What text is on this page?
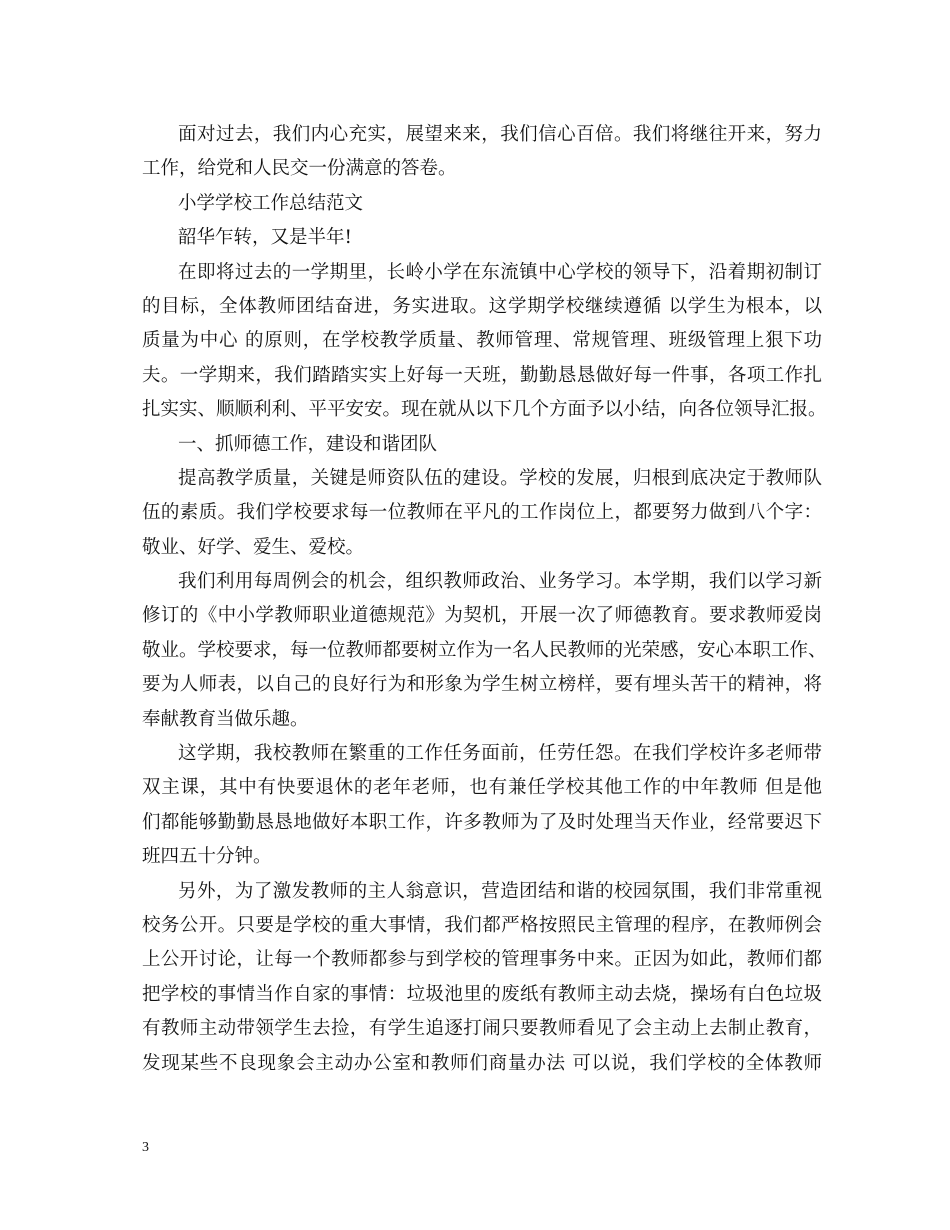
面对过去，我们内心充实，展望来来，我们信心百倍。我们将继往开来，努力
工作，给党和人民交一份满意的答卷。
小学学校工作总结范文
韶华乍转，又是半年!
在即将过去的一学期里，长岭小学在东流镇中心学校的领导下，沿着期初制订
的目标，全体教师团结奋进，务实进取。这学期学校继续遵循 以学生为根本，以
质量为中心 的原则，在学校教学质量、教师管理、常规管理、班级管理上狠下功
夫。一学期来，我们踏踏实实上好每一天班，勤勤恳恳做好每一件事，各项工作扎
扎实实、顺顺利利、平平安安。现在就从以下几个方面予以小结，向各位领导汇报。
一、抓师德工作，建设和谐团队
提高教学质量，关键是师资队伍的建设。学校的发展，归根到底决定于教师队
伍的素质。我们学校要求每一位教师在平凡的工作岗位上，都要努力做到八个字：
敬业、好学、爱生、爱校。
我们利用每周例会的机会，组织教师政治、业务学习。本学期，我们以学习新
修订的《中小学教师职业道德规范》为契机，开展一次了师德教育。要求教师爱岗
敬业。学校要求，每一位教师都要树立作为一名人民教师的光荣感，安心本职工作、
要为人师表，以自己的良好行为和形象为学生树立榜样，要有埋头苦干的精神，将
奉献教育当做乐趣。
这学期，我校教师在繁重的工作任务面前，任劳任怨。在我们学校许多老师带
双主课，其中有快要退休的老年老师，也有兼任学校其他工作的中年教师 但是他
们都能够勤勤恳恳地做好本职工作，许多教师为了及时处理当天作业，经常要迟下
班四五十分钟。
另外，为了激发教师的主人翁意识，营造团结和谐的校园氛围，我们非常重视
校务公开。只要是学校的重大事情，我们都严格按照民主管理的程序，在教师例会
上公开讨论，让每一个教师都参与到学校的管理事务中来。正因为如此，教师们都
把学校的事情当作自家的事情：垃圾池里的废纸有教师主动去烧，操场有白色垃圾
有教师主动带领学生去捡，有学生追逐打闹只要教师看见了会主动上去制止教育，
发现某些不良现象会主动办公室和教师们商量办法 可以说，我们学校的全体教师
3
